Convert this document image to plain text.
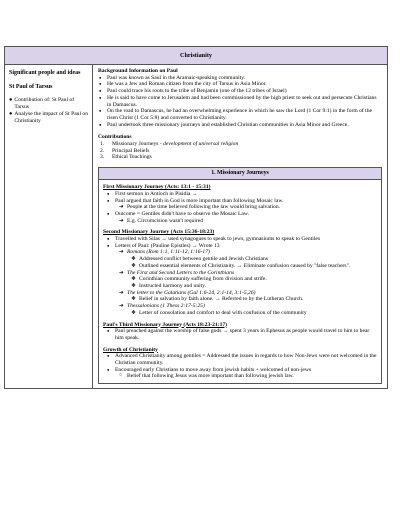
Christianity
Significant people and ideas
St Paul of Tarsus
● Contribution of: St Paul of Tarsus
● Analyse the impact of St Paul on Christianity
Background Information on Paul
● Paul was known as Saul in the Aramaic-speaking community.
● He was a Jew and Roman citizen from the city of Tarsus in Asia Minor.
● Paul could trace his roots to the tribe of Benjamin (one of the 12 tribes of Israel)
● He is said to have come to Jerusalem and had been commissioned by the high priest to seek out and persecute Christians in Damascus.
● On the road to Damascus, he had an overwhelming experience in which he saw the Lord (1 Cor 9:1) in the form of the risen Christ (1 Cor 5:8) and converted to Christianity.
● Paul undertook three missionary journeys and established Christian communities in Asia Minor and Greece.
Contributions
1. Missionary Journeys - development of universal religion
2. Principal Beliefs
3. Ethical Teachings
1. Missionary Journeys
First Missionary Journey (Acts: 13:1 - 15:31)
● First sermon in Antioch in Pisidia →
● Paul argued that faith in God is more important than following Mosaic law.
➔ People at the time believed following the law would bring salvation.
● Outcome = Gentiles didn't have to observe the Mosaic Law.
➔ E.g. Circumcision wasn't required
Second Missionary Journey (Acts 15:36-18:23)
● Travelled with Silas → used synagogues to speak to jews, gymnasiums to speak to Gentiles
● Letters of Paul: (Pauline Epistles) → Wrote 13
➔ Romans (Rom 1:1, 1:11-12, 1:16-17)
❖ Addressed conflict between gentile and Jewish Christians
❖ Outlined essential elements of Christianity. → Eliminate confusion caused by "false teachers".
➔ The First and Second Letters to the Corinthians
❖ Corinthian community suffering from division and strife.
❖ Instructed harmony and unity.
➔ The letter to the Galatians (Gal 1:6-24, 2:1-14, 3:1-5,26)
❖ Belief in salvation by faith alone. → Referred to by the Lutheran Church.
➔ Thessalonians (1 Thess 2:17-5:25)
❖ Letter of consolation and comfort to deal with confusion of the community
Paul's Third Missionary Journey (Acts 18:23-21:17)
● Paul preached against the worship of false gods → spent 3 years in Ephesus as people would travel to him to hear him speak.
Growth of Christianity
● Advanced Christianity among gentiles = Addressed the issues in regards to how Non-Jews were not welcomed in the Christian community.
● Encouraged early Christians to move away from jewish habits + welcomed of non-jews
○ Belief that following Jesus was more important than following jewish law.
